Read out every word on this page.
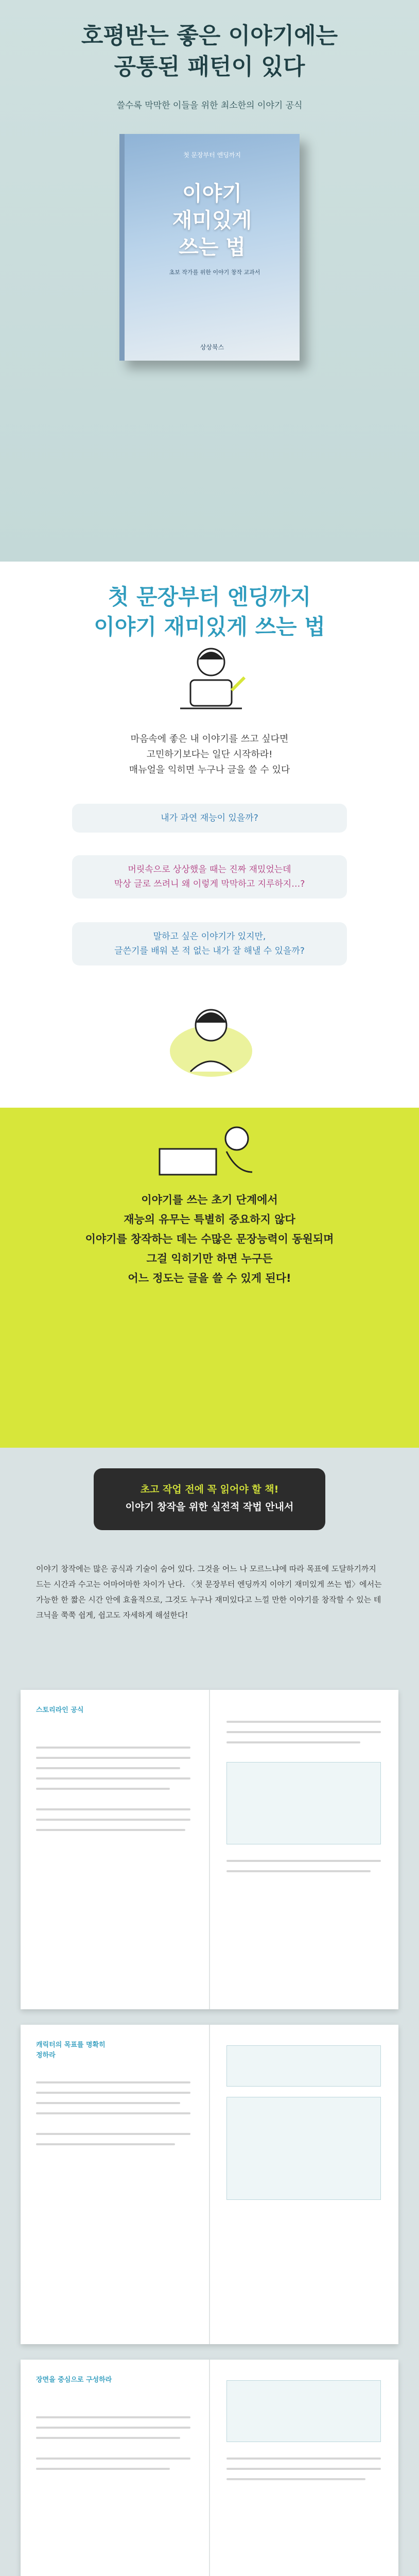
호평받는 좋은 이야기에는
공통된 패턴이 있다
쓸수록 막막한 이들을 위한 최소한의 이야기 공식
첫 문장부터 엔딩까지
이야기
재미있게
쓰는 법
초보 작가를 위한 이야기 창작 교과서
상상북스
첫 문장부터 엔딩까지
이야기 재미있게 쓰는 법
마음속에 좋은 내 이야기를 쓰고 싶다면
고민하기보다는 일단 시작하라!
매뉴얼을 익히면 누구나 글을 쓸 수 있다
내가 과연 재능이 있을까?
머릿속으로 상상했을 때는 진짜 재밌었는데
막상 글로 쓰려니 왜 이렇게 막막하고 지루하지…?
말하고 싶은 이야기가 있지만,
글쓴기를 배워 본 적 없는 내가 잘 해낼 수 있을까?
이야기를 쓰는 초기 단계에서
재능의 유무는 특별히 중요하지 않다
이야기를 창작하는 데는 수많은 문장능력이 동원되며
그걸 익히기만 하면 누구든
어느 정도는 글을 쓸 수 있게 된다!
초고 작업 전에 꼭 읽어야 할 책!
이야기 창작을 위한 실전적 작법 안내서
이야기 창작에는 많은 공식과 기술이 숨어 있다. 그것을 어느 나 모르느냐에 따라 목표에 도달하기까지 드는 시간과 수고는 어마어마한 차이가 난다. 〈첫 문장부터 엔딩까지 이야기 재미있게 쓰는 법〉에서는 가능한 한 짧은 시간 안에 효율적으로, 그것도 누구나 재미있다고 느낄 만한 이야기를 창작할 수 있는 테크닉을 쭉쭉 쉽게, 쉽고도 자세하게 해설한다!
스토리라인 공식
캐릭터의 목표를 명확히 정하라
장면을 중심으로 구성하라
